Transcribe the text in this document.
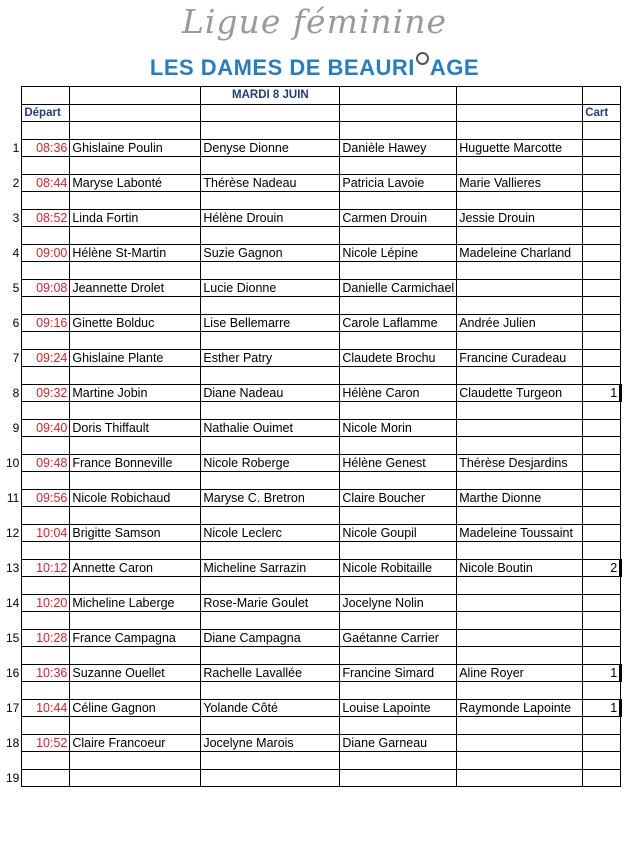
Ligue féminine
LES DAMES DE BEAURI AGE
			MARDI 8 JUIN			
	Départ					Cart

1	08:36	Ghislaine Poulin	Denyse Dionne	Danièle Hawey	Huguette Marcotte	

2	08:44	Maryse Labonté	Thérèse Nadeau	Patricia Lavoie	Marie Vallieres	

3	08:52	Linda Fortin	Hélène Drouin	Carmen Drouin	Jessie Drouin	

4	09:00	Hélène St-Martin	Suzie Gagnon	Nicole Lépine	Madeleine Charland	

5	09:08	Jeannette Drolet	Lucie Dionne	Danielle Carmichael		

6	09:16	Ginette Bolduc	Lise Bellemarre	Carole Laflamme	Andrée Julien	

7	09:24	Ghislaine Plante	Esther Patry	Claudete Brochu	Francine Curadeau	

8	09:32	Martine Jobin	Diane Nadeau	Hélène Caron	Claudette Turgeon	1

9	09:40	Doris Thiffault	Nathalie Ouimet	Nicole Morin		

10	09:48	France Bonneville	Nicole Roberge	Hélène Genest	Thérèse Desjardins	

11	09:56	Nicole Robichaud	Maryse C. Bretron	Claire Boucher	Marthe Dionne	

12	10:04	Brigitte Samson	Nicole Leclerc	Nicole Goupil	Madeleine Toussaint	

13	10:12	Annette Caron	Micheline Sarrazin	Nicole Robitaille	Nicole Boutin	2

14	10:20	Micheline Laberge	Rose-Marie Goulet	Jocelyne Nolin		

15	10:28	France Campagna	Diane Campagna	Gaétanne Carrier		

16	10:36	Suzanne Ouellet	Rachelle Lavallée	Francine Simard	Aline Royer	1

17	10:44	Céline Gagnon	Yolande Côté	Louise Lapointe	Raymonde Lapointe	1

18	10:52	Claire Francoeur	Jocelyne Marois	Diane Garneau		

19						
